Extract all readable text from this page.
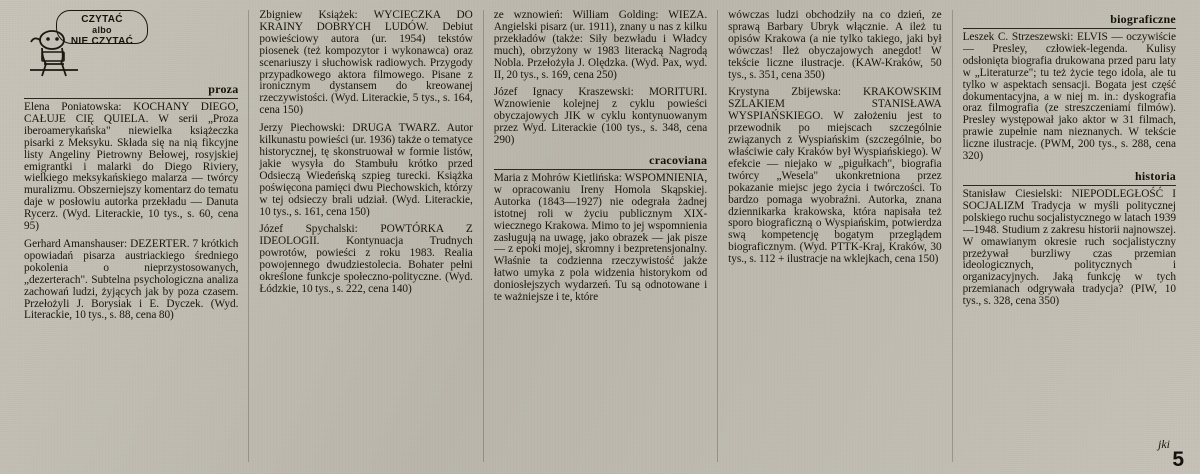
CZYTAĆ
albo
NIE CZYTAĆ
proza
Elena Poniatowska: KOCHANY DIEGO, CAŁUJE CIĘ QUIELA. W serii „Proza iberoamerykańska" niewielka książeczka pisarki z Meksyku. Składa się na nią fikcyjne listy Angeliny Pietrowny Bełowej, rosyjskiej emigrantki i malarki do Diego Riviery, wielkiego meksykańskiego malarza — twórcy muralizmu. Obszerniejszy komentarz do tematu daje w posłowiu autorka przekładu — Danuta Rycerz. (Wyd. Literackie, 10 tys., s. 60, cena 95)
Gerhard Amanshauser: DEZERTER. 7 krótkich opowiadań pisarza austriackiego średniego pokolenia o nieprzystosowanych, „dezerterach". Subtelna psychologiczna analiza zachowań ludzi, żyjących jak by poza czasem. Przełożyli J. Borysiak i E. Dyczek. (Wyd. Literackie, 10 tys., s. 88, cena 80)
Zbigniew Książek: WYCIECZKA DO KRAINY DOBRYCH LUDÓW. Debiut powieściowy autora (ur. 1954) tekstów piosenek (też kompozytor i wykonawca) oraz scenariuszy i słuchowisk radiowych. Przygody przypadkowego aktora filmowego. Pisane z ironicznym dystansem do kreowanej rzeczywistości. (Wyd. Literackie, 5 tys., s. 164, cena 150)
Jerzy Piechowski: DRUGA TWARZ. Autor kilkunastu powieści (ur. 1936) także o tematyce historycznej, tę skonstruował w formie listów, jakie wysyła do Stambułu krótko przed Odsieczą Wiedeńską szpieg turecki. Książka poświęcona pamięci dwu Piechowskich, którzy w tej odsieczy brali udział. (Wyd. Literackie, 10 tys., s. 161, cena 150)
Józef Spychalski: POWTÓRKA Z IDEOLOGII. Kontynuacja Trudnych powrotów, powieści z roku 1983. Realia powojennego dwudziestolecia. Bohater pełni określone funkcje społeczno-polityczne. (Wyd. Łódzkie, 10 tys., s. 222, cena 140)
ze wznowień: William Golding: WIEŻA. Angielski pisarz (ur. 1911), znany u nas z kilku przekładów (także: Siły bezwładu i Władcy much), obrzyżony w 1983 literacką Nagrodą Nobla. Przełożyła J. Olędzka. (Wyd. Pax, wyd. II, 20 tys., s. 169, cena 250)
Józef Ignacy Kraszewski: MORITURI. Wznowienie kolejnej z cyklu powieści obyczajowych JIK w cyklu kontynuowanym przez Wyd. Literackie (100 tys., s. 348, cena 290)
cracoviana
Maria z Mohrów Kietlińska: WSPOMNIENIA, w opracowaniu Ireny Homola Skąpskiej. Autorka (1843—1927) nie odegrała żadnej istotnej roli w życiu publicznym XIX-wiecznego Krakowa. Mimo to jej wspomnienia zasługują na uwagę, jako obrazek — jak pisze — z epoki mojej, skromny i bezpretensjonalny. Właśnie ta codzienna rzeczywistość jakże łatwo umyka z pola widzenia historykom od doniosłejszych wydarzeń. Tu są odnotowane i te ważniejsze i te, które
wówczas ludzi obchodziły na co dzień, ze sprawą Barbary Ubryk włącznie. A ileż tu opisów Krakowa (a nie tylko takiego, jaki był wówczas! Ileż obyczajowych anegdot! W tekście liczne ilustracje. (KAW-Kraków, 50 tys., s. 351, cena 350)
Krystyna Zbijewska: KRAKOWSKIM SZLAKIEM STANISŁAWA WYSPIAŃSKIEGO. W założeniu jest to przewodnik po miejscach szczególnie związanych z Wyspiańskim (szczególnie, bo właściwie cały Kraków był Wyspiańskiego). W efekcie — niejako w „pigułkach", biografia twórcy „Wesela" ukonkretniona przez pokazanie miejsc jego życia i twórczości. To bardzo pomaga wyobraźni. Autorka, znana dziennikarka krakowska, która napisała też sporo biograficzną o Wyspiańskim, potwierdza swą kompetencję bogatym przeglądem biograficznym. (Wyd. PTTK-Kraj, Kraków, 30 tys., s. 112 + ilustracje na wklejkach, cena 150)
biograficzne
Leszek C. Strzeszewski: ELVIS — oczywiście — Presley, człowiek-legenda. Kulisy odsłonięta biografia drukowana przed paru laty w „Literaturze"; tu też życie tego idola, ale tu tylko w aspektach sensacji. Bogata jest część dokumentacyjna, a w niej m. in.: dyskografia oraz filmografia (ze streszczeniami filmów). Presley występował jako aktor w 31 filmach, prawie zupełnie nam nieznanych. W tekście liczne ilustracje. (PWM, 200 tys., s. 288, cena 320)
historia
Stanisław Ciesielski: NIEPODLEGŁOŚĆ I SOCJALIZM Tradycja w myśli politycznej polskiego ruchu socjalistycznego w latach 1939—1948. Studium z zakresu historii najnowszej. W omawianym okresie ruch socjalistyczny przeżywał burzliwy czas przemian ideologicznych, politycznych i organizacyjnych. Jaką funkcję w tych przemianach odgrywała tradycja? (PIW, 10 tys., s. 328, cena 350)
jki
5
